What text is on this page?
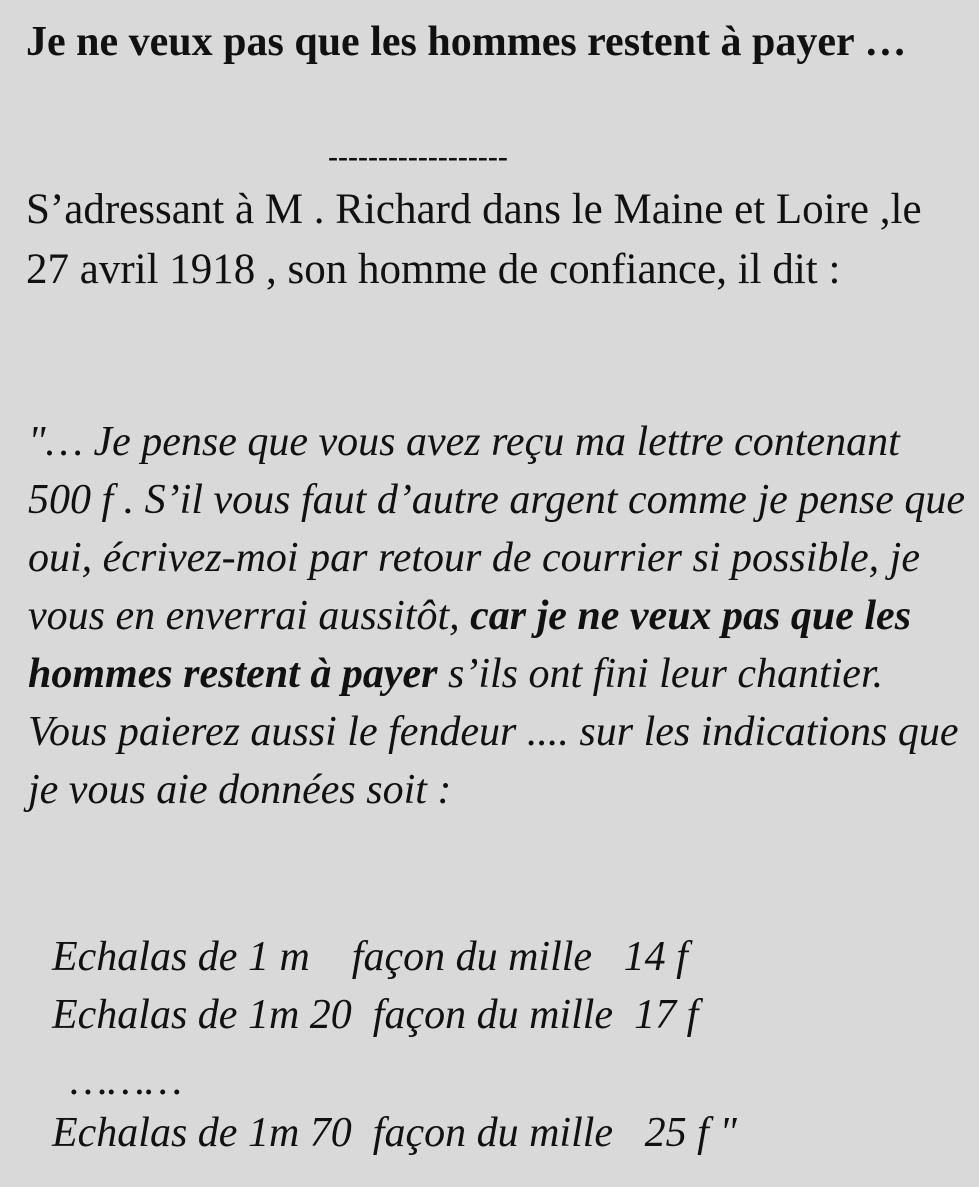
Je ne veux pas que les hommes restent à payer …
------------------

S’adressant à M . Richard dans le Maine et Loire ,le 27 avril 1918 , son homme de confiance, il dit :

"… Je pense que vous avez reçu ma lettre contenant 500 f . S’il vous faut d’autre argent comme je pense que oui, écrivez-moi par retour de courrier si possible, je vous en enverrai aussitôt, car je ne veux pas que les hommes restent à payer s’ils ont fini leur chantier.
Vous paierez aussi le fendeur .... sur les indications que je vous aie données soit :

Echalas de 1 m    façon du mille   14 f
Echalas de 1m 20  façon du mille  17 f
………
Echalas de 1m 70  façon du mille   25 f "
